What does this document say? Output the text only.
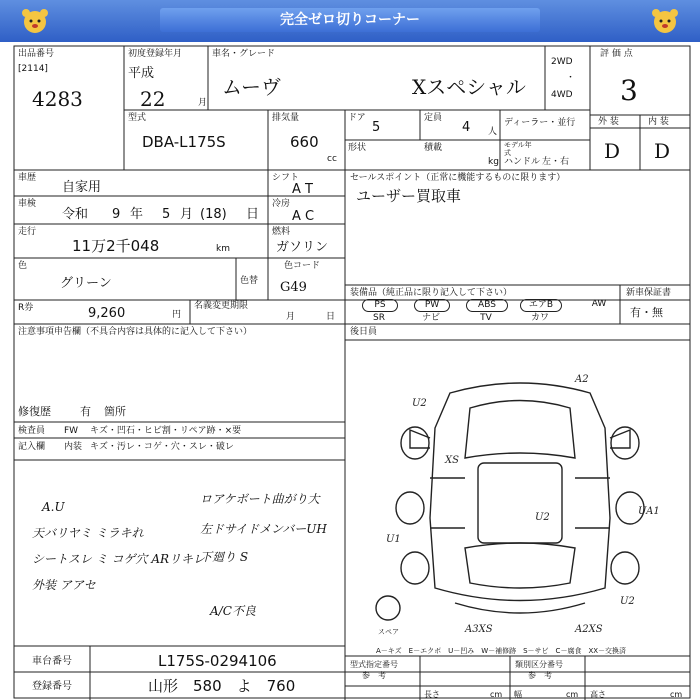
完全ゼロ切りコーナー
出品番号
[2114]
4283
初度登録年月
平成
22	月
車名・グレード
ムーヴ	Xスペシャル
2WD
・
4WD
評 価 点
3
外 装	内 装
D D
型式
DBA-L175S
排気量
660
cc
ドア
5
定員
4 人
ディーラー・並行
形状	積載
kg
モデル年式
ハンドル 左・右
車歴
自家用
車検
令和 9 年 5 月 (18) 日
走行
11万2千048	km
シフト
A T
冷房
A C
燃料
ガソリン
色
グリーン	色替
色コード
G49
R券	9,260	円
名義変更期限
月	日
注意事項申告欄（不具合内容は具体的に記入して下さい）
修復歴	有 箇所
検査員
記入欄
FW キズ・凹石・ヒビ割・リペア跡・×要
内装 キズ・汚レ・コゲ・穴・スレ・破レ
セールスポイント（正常に機能するものに限ります）
ユーザー買取車
装備品（純正品に限り記入して下さい）	新車保証書
有・無
PS	PW	ABS	エアB	AW
SR	ナビ	TV	カワ
後日員
A.U
天バリヤミ ミラキれ
シートスレ ミ コゲ穴 ARリキレ
外装 アアセ
ロアケボート曲がり大
左ドサイドメンバーUH
下廻り S
A/C不良
A2
U2
XS
U2
U1
UA1
U2
A3XS	A2XS
スペア
A－キズ　E－エクボ　U－凹み　W－補修跡　S－サビ　C－腐食　XX－交換済
車台番号	L175S-0294106
登録番号	山形　580　よ　760
型式指定番号	類別区分番号
参　考	参　考
長さ	cm 幅	cm 高さ	cm
